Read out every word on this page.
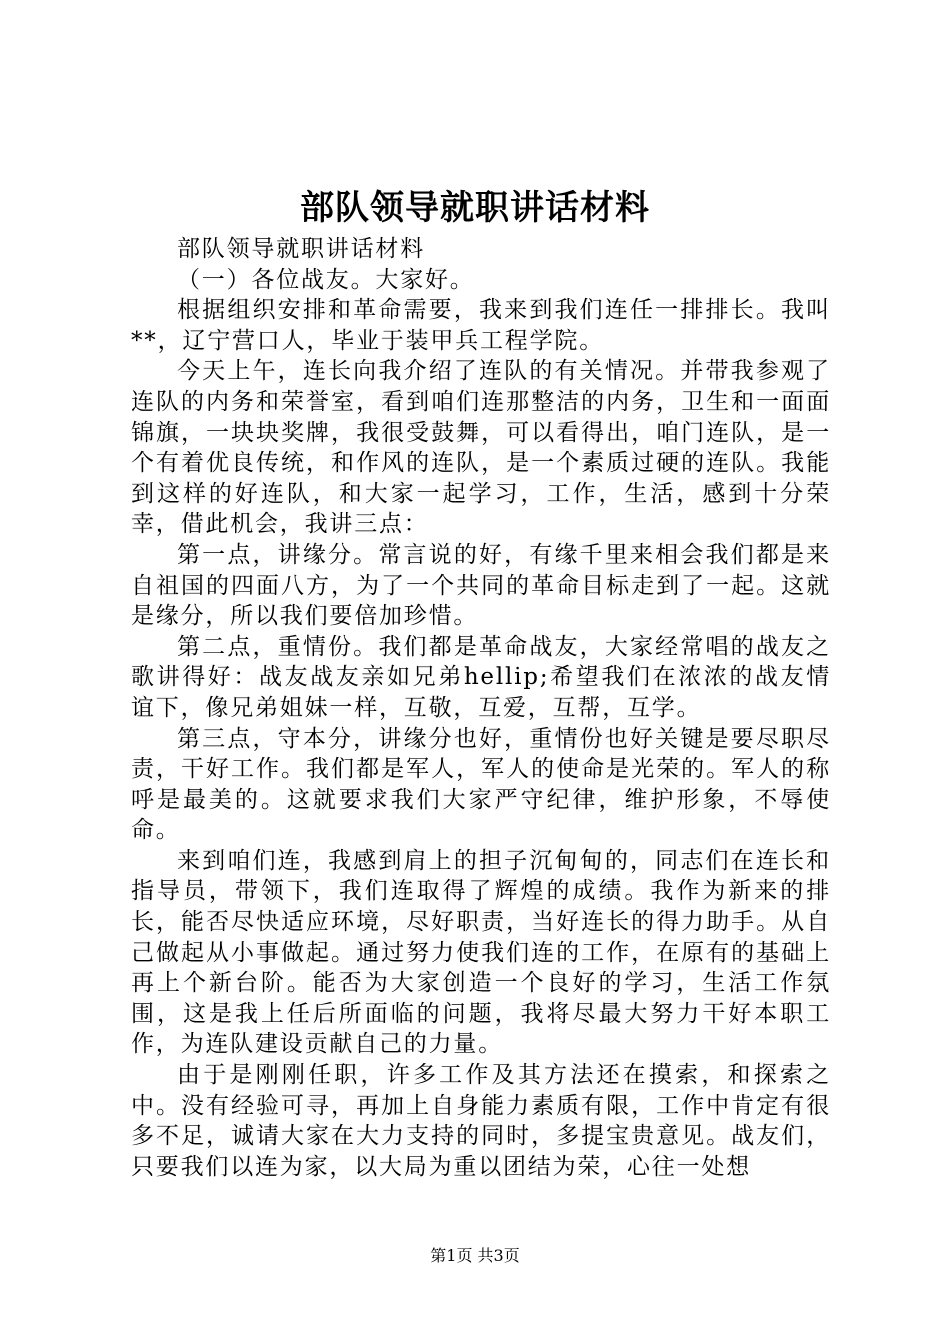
部队领导就职讲话材料

部队领导就职讲话材料

（一）各位战友。大家好。

根据组织安排和革命需要，我来到我们连任一排排长。我叫**，辽宁营口人，毕业于装甲兵工程学院。

今天上午，连长向我介绍了连队的有关情况。并带我参观了连队的内务和荣誉室，看到咱们连那整洁的内务，卫生和一面面锦旗，一块块奖牌，我很受鼓舞，可以看得出，咱门连队，是一个有着优良传统，和作风的连队，是一个素质过硬的连队。我能到这样的好连队，和大家一起学习，工作，生活，感到十分荣幸，借此机会，我讲三点：

第一点，讲缘分。常言说的好，有缘千里来相会我们都是来自祖国的四面八方，为了一个共同的革命目标走到了一起。这就是缘分，所以我们要倍加珍惜。

第二点，重情份。我们都是革命战友，大家经常唱的战友之歌讲得好：战友战友亲如兄弟hellip;希望我们在浓浓的战友情谊下，像兄弟姐妹一样，互敬，互爱，互帮，互学。

第三点，守本分，讲缘分也好，重情份也好关键是要尽职尽责，干好工作。我们都是军人，军人的使命是光荣的。军人的称呼是最美的。这就要求我们大家严守纪律，维护形象，不辱使命。

来到咱们连，我感到肩上的担子沉甸甸的，同志们在连长和指导员，带领下，我们连取得了辉煌的成绩。我作为新来的排长，能否尽快适应环境，尽好职责，当好连长的得力助手。从自己做起从小事做起。通过努力使我们连的工作，在原有的基础上再上个新台阶。能否为大家创造一个良好的学习，生活工作氛围，这是我上任后所面临的问题，我将尽最大努力干好本职工作，为连队建设贡献自己的力量。

由于是刚刚任职，许多工作及其方法还在摸索，和探索之中。没有经验可寻，再加上自身能力素质有限，工作中肯定有很多不足，诚请大家在大力支持的同时，多提宝贵意见。战友们，只要我们以连为家，以大局为重以团结为荣，心往一处想

第1页 共3页
